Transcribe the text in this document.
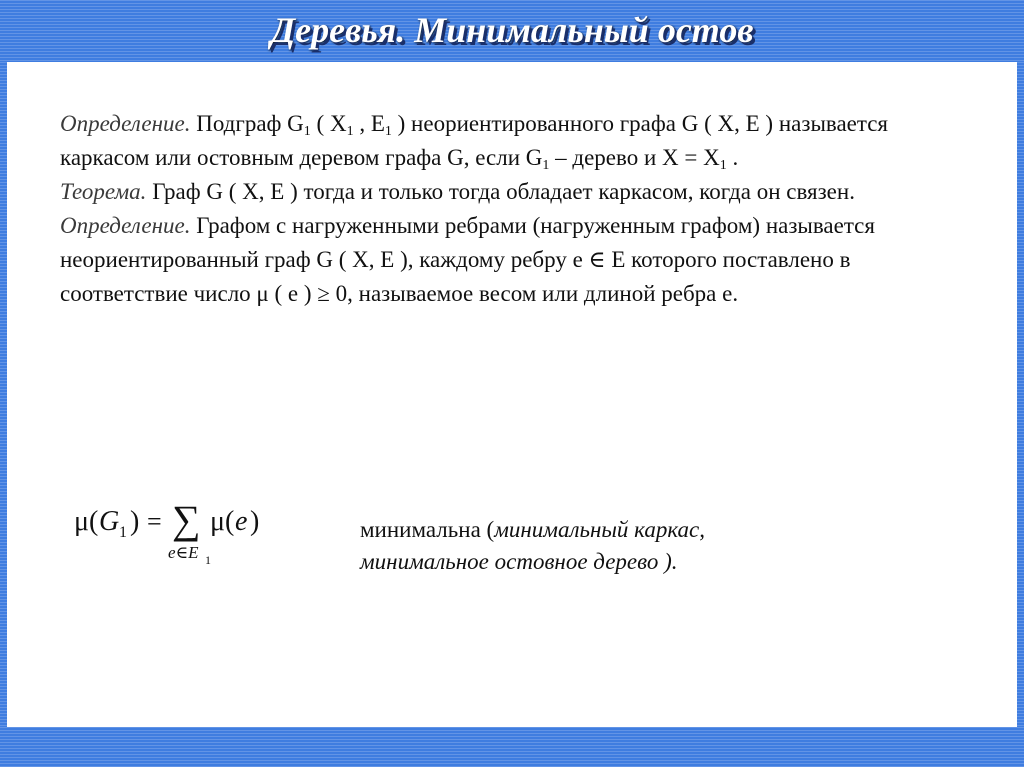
Деревья. Минимальный остов

Определение. Подграф $G_1$ ( $X_1$ , $E_1$ ) неориентированного графа G ( X, E ) называется каркасом или остовным деревом графа G, если $G_1$ – дерево и $X = X_1$ .

Теорема. Граф G ( X, E ) тогда и только тогда обладает каркасом, когда он связен.

Определение. Графом с нагруженными ребрами (нагруженным графом) называется неориентированный граф G ( X, E ), каждому ребру e ∈ E которого поставлено в соответствие число μ ( e ) ≥ 0, называемое весом или длиной ребра е.

μ ( G 1 ) = ∑ μ ( e )
e∈E 1
минимальна (минимальный каркас,
минимальное остовное дерево ).
